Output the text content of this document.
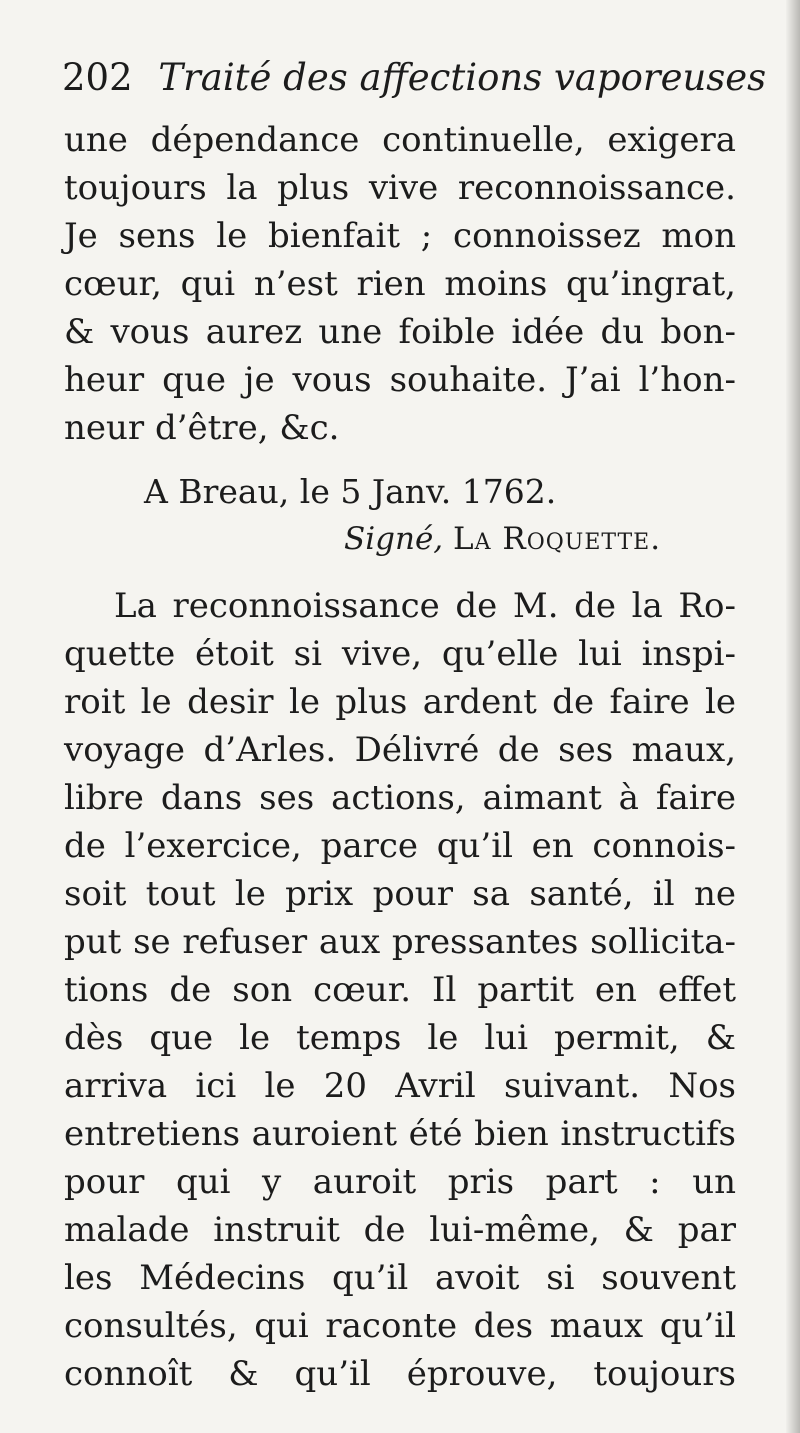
202 Traité des affections vaporeuses
une dépendance continuelle, exigera
toujours la plus vive reconnoissance.
Je sens le bienfait ; connoissez mon
cœur, qui n’est rien moins qu’ingrat,
& vous aurez une foible idée du bon-
heur que je vous souhaite. J’ai l’hon-
neur d’être, &c.
A Breau, le 5 Janv. 1762.
Signé, La Roquette.
La reconnoissance de M. de la Ro-
quette étoit si vive, qu’elle lui inspi-
roit le desir le plus ardent de faire le
voyage d’Arles. Délivré de ses maux,
libre dans ses actions, aimant à faire
de l’exercice, parce qu’il en connois-
soit tout le prix pour sa santé, il ne
put se refuser aux pressantes sollicita-
tions de son cœur. Il partit en effet
dès que le temps le lui permit, &
arriva ici le 20 Avril suivant. Nos
entretiens auroient été bien instructifs
pour qui y auroit pris part : un
malade instruit de lui-même, & par
les Médecins qu’il avoit si souvent
consultés, qui raconte des maux qu’il
connoît & qu’il éprouve, toujours
